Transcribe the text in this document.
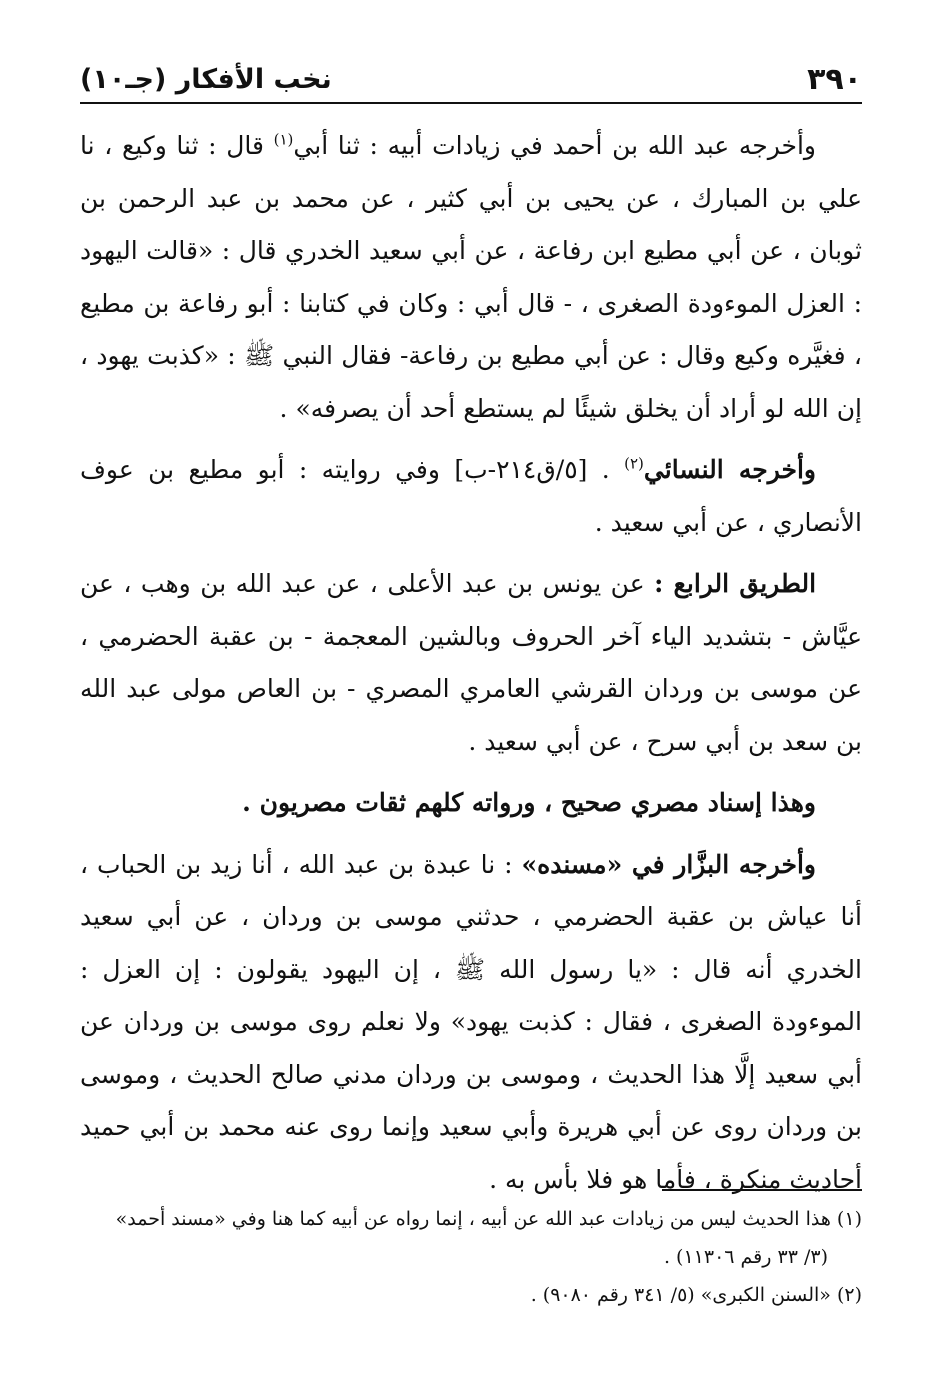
٣٩٠
نخب الأفكار (جـ١٠)

وأخرجه عبد الله بن أحمد في زيادات أبيه : ثنا أبي$^{(١)}$ قال : ثنا وكيع ، نا علي بن المبارك ، عن يحيى بن أبي كثير ، عن محمد بن عبد الرحمن بن ثوبان ، عن أبي مطيع ابن رفاعة ، عن أبي سعيد الخدري قال : «قالت اليهود : العزل الموءودة الصغرى ، - قال أبي : وكان في كتابنا : أبو رفاعة بن مطيع ، فغيَّره وكيع وقال : عن أبي مطيع بن رفاعة- فقال النبي ﷺ : «كذبت يهود ، إن الله لو أراد أن يخلق شيئًا لم يستطع أحد أن يصرفه» .

وأخرجه النسائي$^{(٢)}$ . [٥/ق٢١٤-ب] وفي روايته : أبو مطيع بن عوف الأنصاري ، عن أبي سعيد .

الطريق الرابع : عن يونس بن عبد الأعلى ، عن عبد الله بن وهب ، عن عيَّاش - بتشديد الياء آخر الحروف وبالشين المعجمة - بن عقبة الحضرمي ، عن موسى بن وردان القرشي العامري المصري - بن العاص مولى عبد الله بن سعد بن أبي سرح ، عن أبي سعيد .

وهذا إسناد مصري صحيح ، ورواته كلهم ثقات مصريون .

وأخرجه البزَّار في «مسنده» : نا عبدة بن عبد الله ، أنا زيد بن الحباب ، أنا عياش بن عقبة الحضرمي ، حدثني موسى بن وردان ، عن أبي سعيد الخدري أنه قال : «يا رسول الله ﷺ ، إن اليهود يقولون : إن العزل : الموءودة الصغرى ، فقال : كذبت يهود» ولا نعلم روى موسى بن وردان عن أبي سعيد إلَّا هذا الحديث ، وموسى بن وردان مدني صالح الحديث ، وموسى بن وردان روى عن أبي هريرة وأبي سعيد وإنما روى عنه محمد بن أبي حميد أحاديث منكرة ، فأما هو فلا بأس به .

(١) هذا الحديث ليس من زيادات عبد الله عن أبيه ، إنما رواه عن أبيه كما هنا وفي «مسند أحمد»

(٣/ ٣٣ رقم ١١٣٠٦) .

(٢) «السنن الكبرى» (٥/ ٣٤١ رقم ٩٠٨٠) .
